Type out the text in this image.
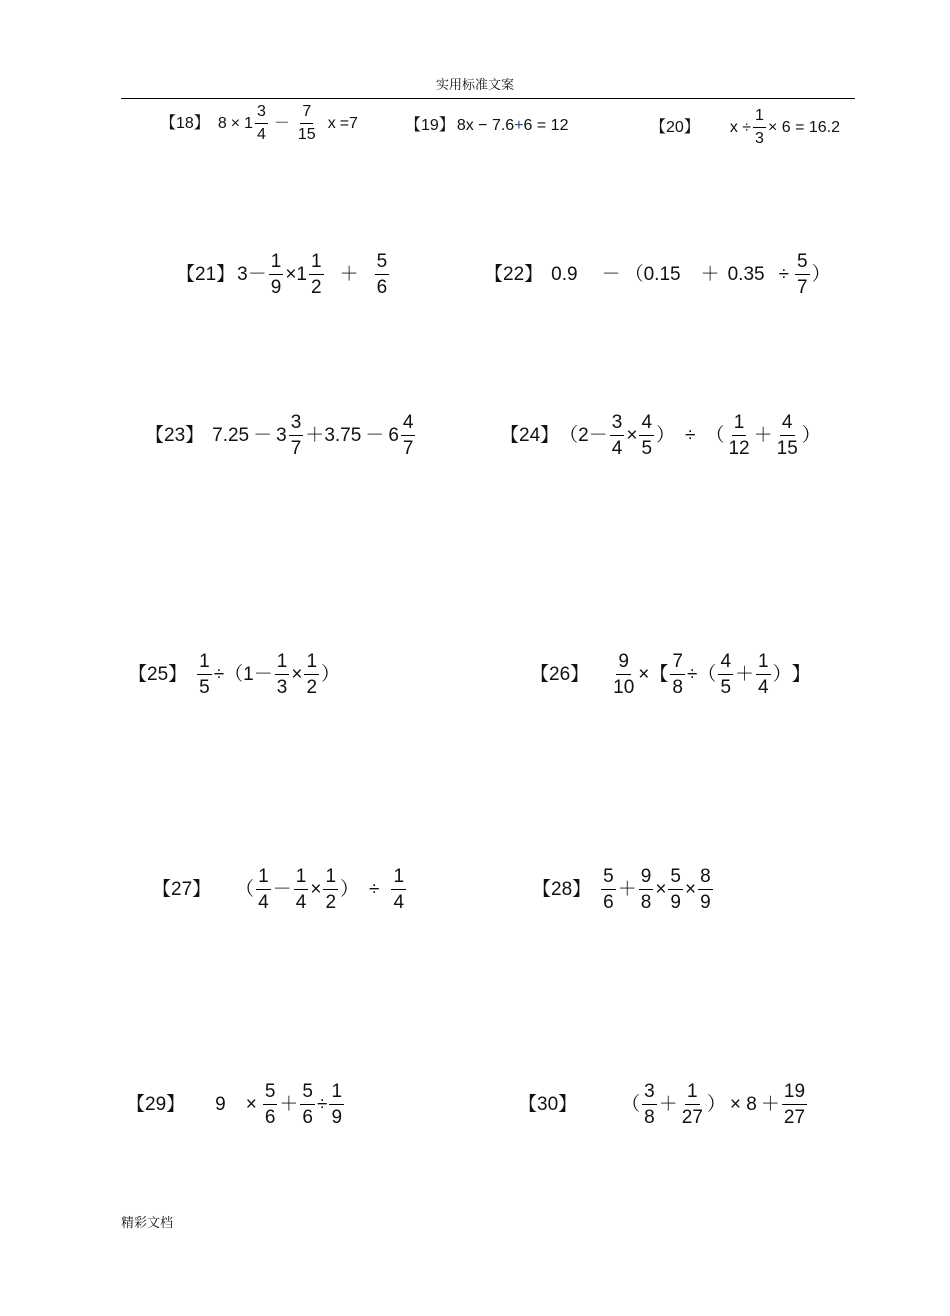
实用标准文案
【18】 $8 \times 1 \frac{3}{4} - \frac{7}{15}$ x =7	【19】 8x − 7.6 + 6 = 12	【20】 $x \div \frac{1}{3} \times 6 = 16.2$
【21】 $3 - \frac{1}{9} \times 1 \frac{1}{2} + \frac{5}{6}$	【22】 0.9 － （ $0.15 + 0.35 \div \frac{5}{7}$ ）
【23】 $7.25 - 3 \frac{3}{7} + 3.75 - 6 \frac{4}{7}$	【24】 （ $2 - \frac{3}{4} \times \frac{4}{5}$ ） ÷ （ $\frac{1}{12} + \frac{4}{15}$ ）
【25】 $\frac{1}{5}$ ÷ （ $1 - \frac{1}{3} \times \frac{1}{2}$ ）	【26】 $\frac{9}{10}$ × 【 $\frac{7}{8}$ ÷ （ $\frac{4}{5} + \frac{1}{4}$ ） 】
【27】 （ $\frac{1}{4} - \frac{1}{4} \times \frac{1}{2}$ ） ÷ $\frac{1}{4}$	【28】 $\frac{5}{6} + \frac{9}{8} \times \frac{5}{9} \times \frac{8}{9}$
【29】 $9 \times \frac{5}{6} + \frac{5}{6} \div \frac{1}{9}$	【30】 （ $\frac{3}{8} + \frac{1}{27}$ ） × $8 + \frac{19}{27}$
精彩文档
